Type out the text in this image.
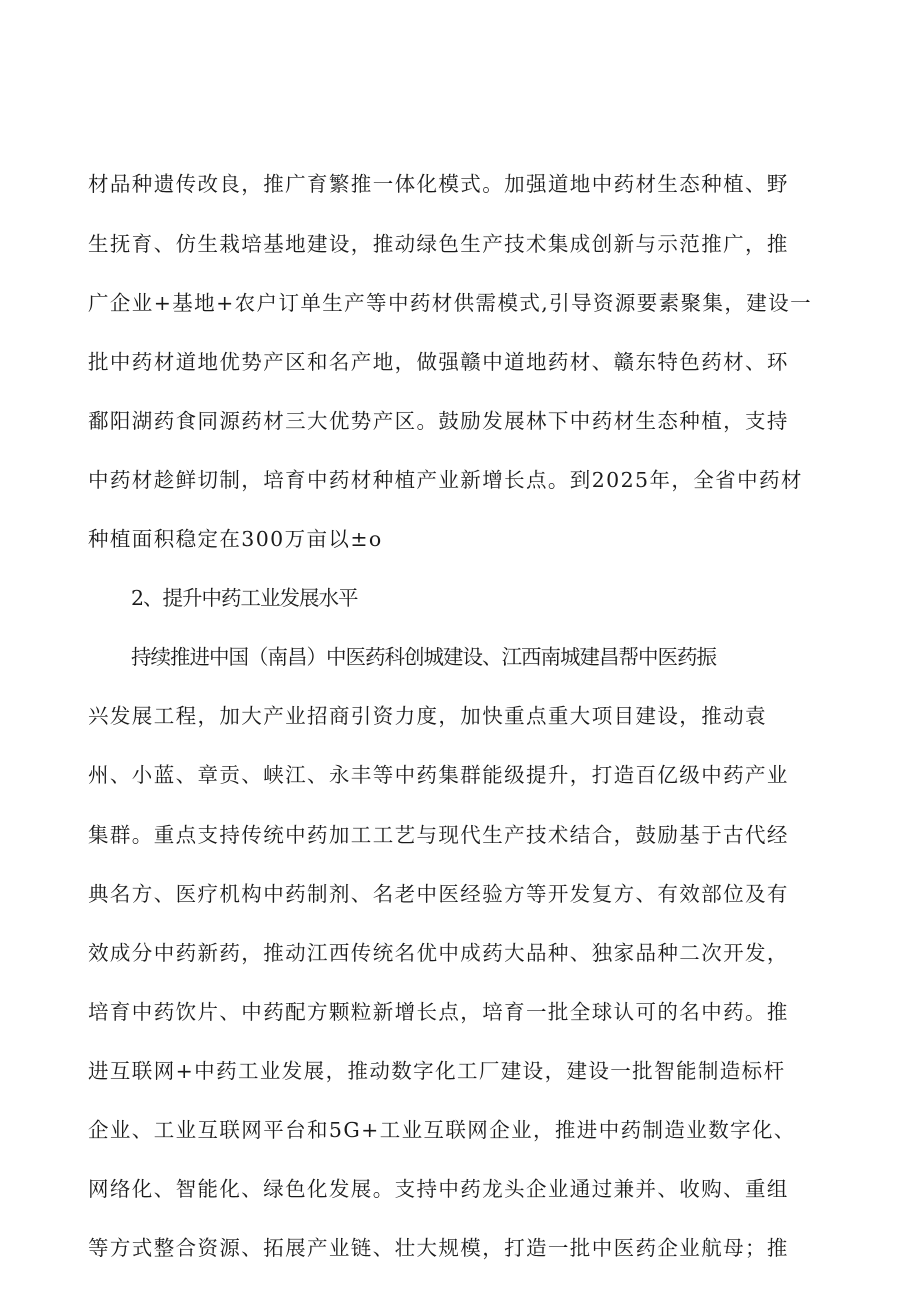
材品种遗传改良，推广育繁推一体化模式。加强道地中药材生态种植、野
生抚育、仿生栽培基地建设，推动绿色生产技术集成创新与示范推广，推
广企业+基地+农户订单生产等中药材供需模式,引导资源要素聚集，建设一
批中药材道地优势产区和名产地，做强赣中道地药材、赣东特色药材、环
鄱阳湖药食同源药材三大优势产区。鼓励发展林下中药材生态种植，支持
中药材趁鲜切制，培育中药材种植产业新增长点。到2025年，全省中药材
种植面积稳定在300万亩以±o
2、提升中药工业发展水平
持续推进中国（南昌）中医药科创城建设、江西南城建昌帮中医药振
兴发展工程，加大产业招商引资力度，加快重点重大项目建设，推动袁
州、小蓝、章贡、峡江、永丰等中药集群能级提升，打造百亿级中药产业
集群。重点支持传统中药加工工艺与现代生产技术结合，鼓励基于古代经
典名方、医疗机构中药制剂、名老中医经验方等开发复方、有效部位及有
效成分中药新药，推动江西传统名优中成药大品种、独家品种二次开发，
培育中药饮片、中药配方颗粒新增长点，培育一批全球认可的名中药。推
进互联网+中药工业发展，推动数字化工厂建设，建设一批智能制造标杆
企业、工业互联网平台和5G+工业互联网企业，推进中药制造业数字化、
网络化、智能化、绿色化发展。支持中药龙头企业通过兼并、收购、重组
等方式整合资源、拓展产业链、壮大规模，打造一批中医药企业航母；推
